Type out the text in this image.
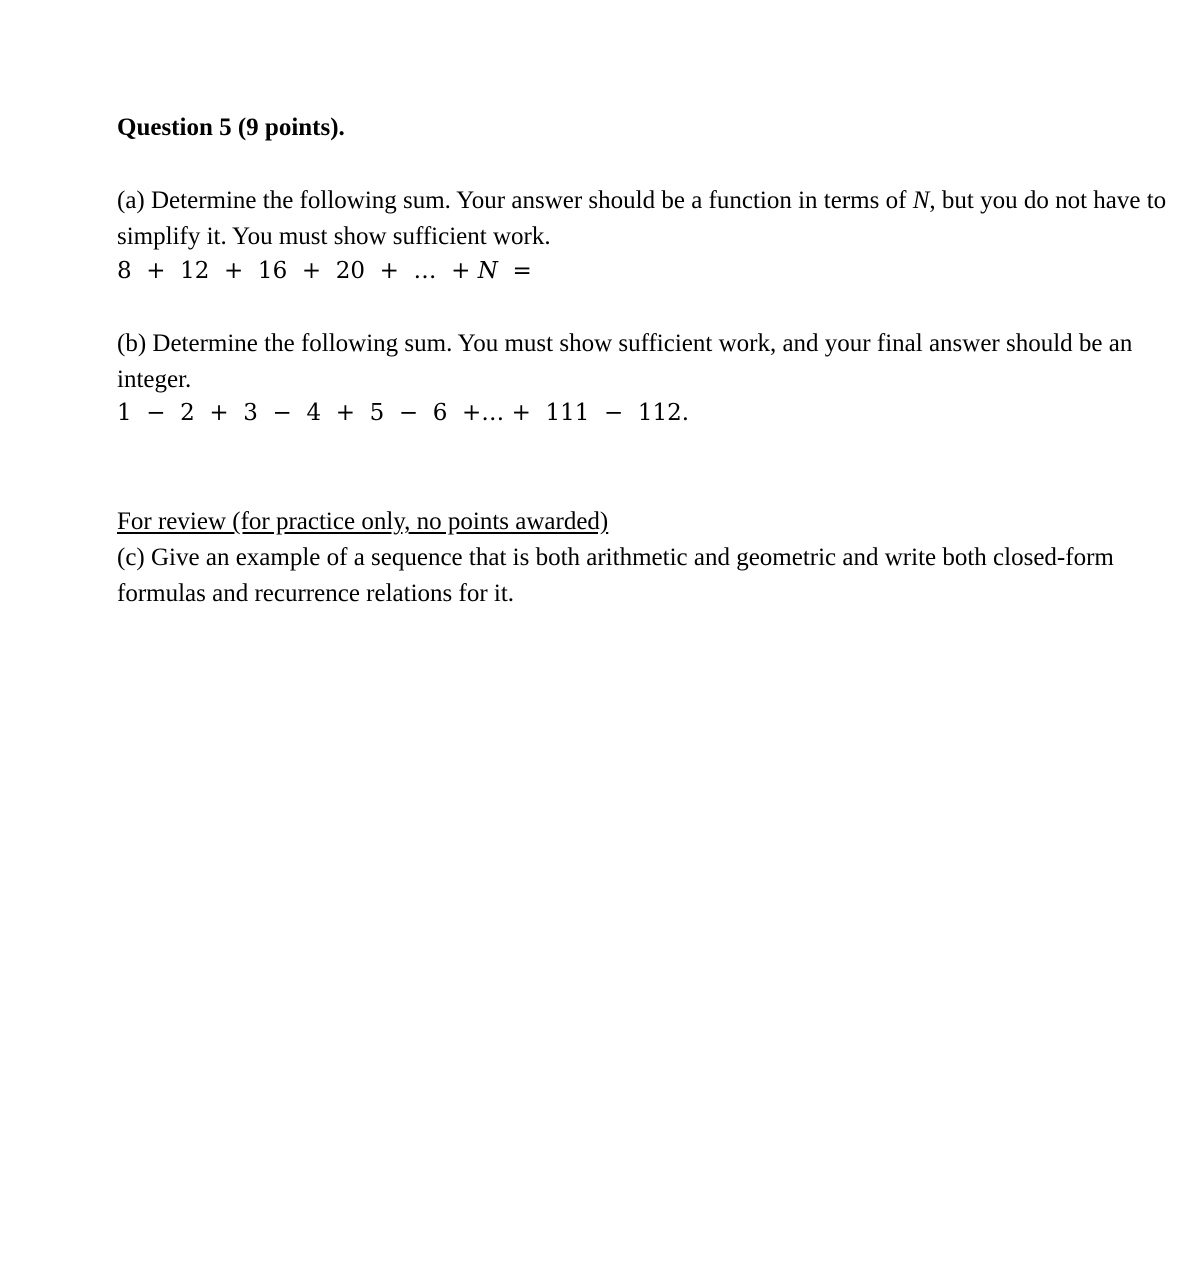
Question 5 (9 points).
(a) Determine the following sum. Your answer should be a function in terms of N, but you do not have to simplify it. You must show sufficient work.
8  +  12  +  16  +  20  +  …  + N  =
(b) Determine the following sum. You must show sufficient work, and your final answer should be an integer.
1  −  2  +  3  −  4  +  5  −  6  +… +  111  −  112.
For review (for practice only, no points awarded)
(c) Give an example of a sequence that is both arithmetic and geometric and write both closed-form formulas and recurrence relations for it.
